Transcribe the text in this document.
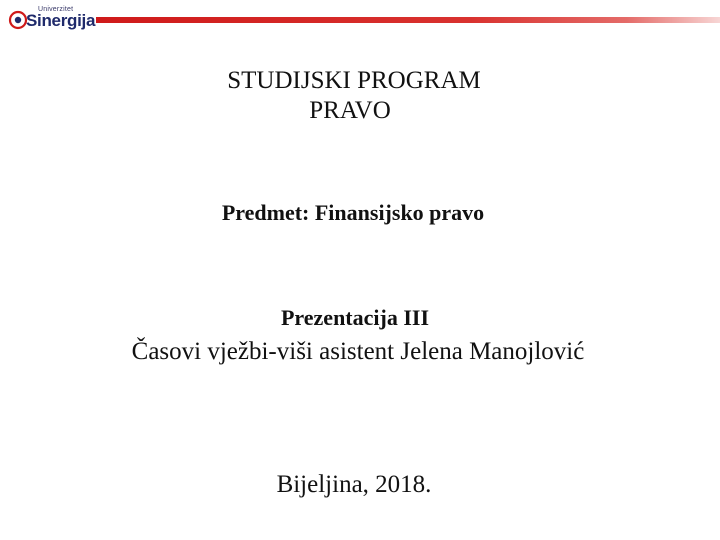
Univerzitet
Sinergija
STUDIJSKI PROGRAM
PRAVO
Predmet: Finansijsko pravo
Prezentacija III
Časovi vježbi-viši asistent Jelena Manojlović
Bijeljina, 2018.
